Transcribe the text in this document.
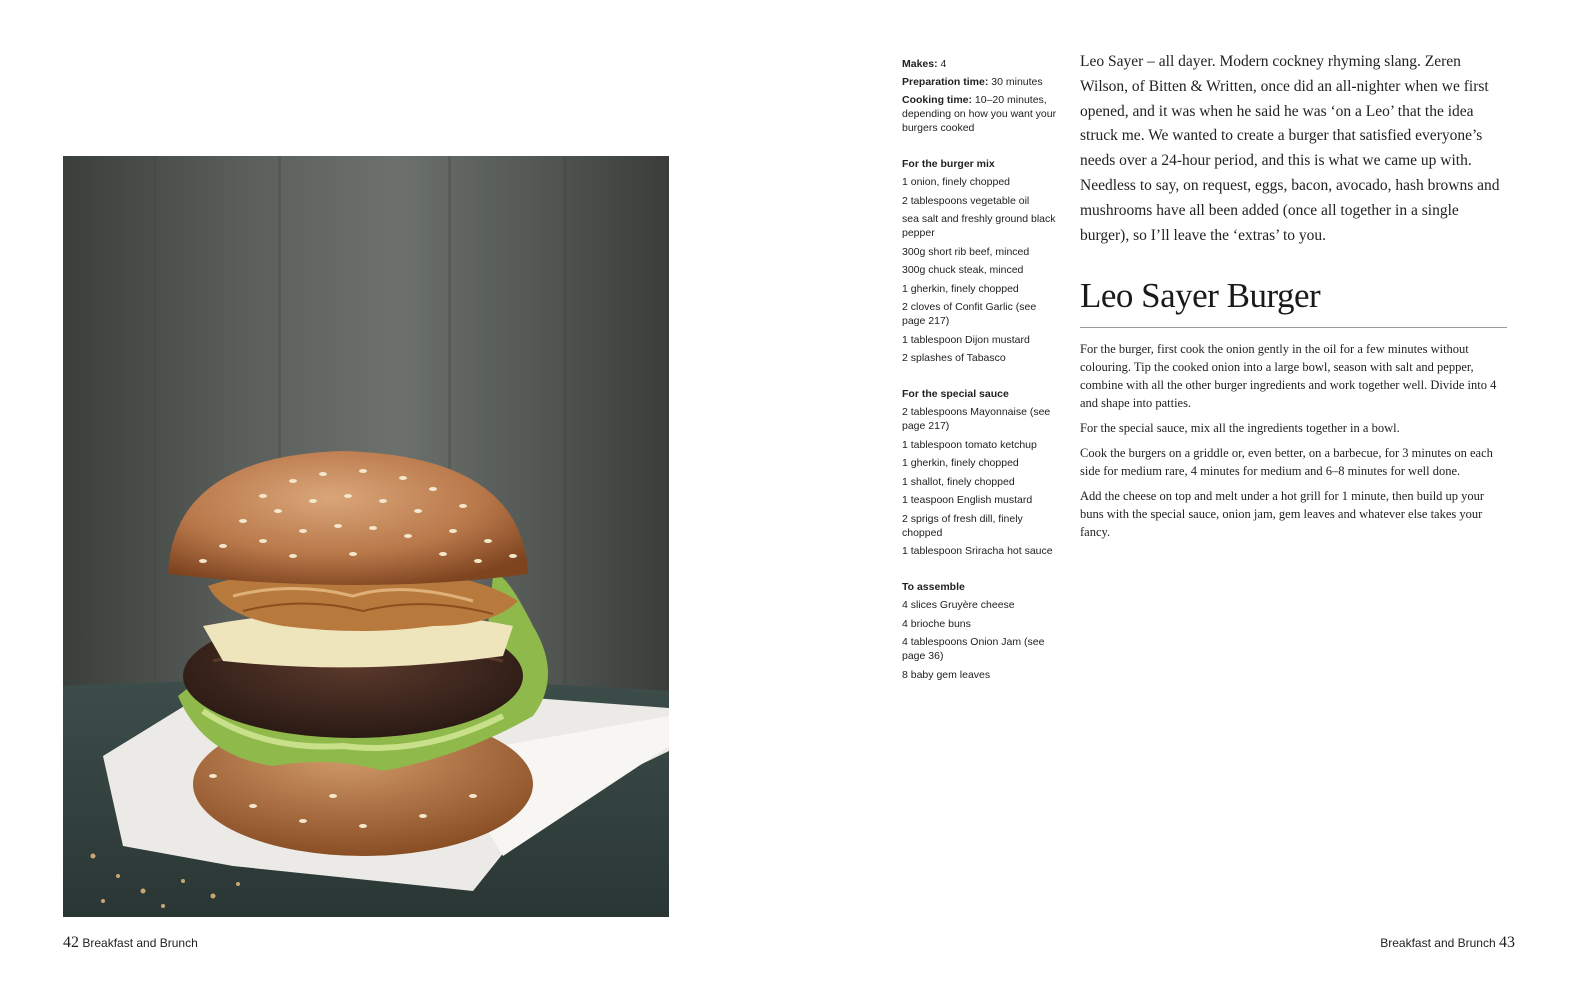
42 Breakfast and Brunch
Makes: 4
Preparation time: 30 minutes
Cooking time: 10–20 minutes, depending on how you want your burgers cooked
For the burger mix
1 onion, finely chopped
2 tablespoons vegetable oil
sea salt and freshly ground black pepper
300g short rib beef, minced
300g chuck steak, minced
1 gherkin, finely chopped
2 cloves of Confit Garlic (see page 217)
1 tablespoon Dijon mustard
2 splashes of Tabasco
For the special sauce
2 tablespoons Mayonnaise (see page 217)
1 tablespoon tomato ketchup
1 gherkin, finely chopped
1 shallot, finely chopped
1 teaspoon English mustard
2 sprigs of fresh dill, finely chopped
1 tablespoon Sriracha hot sauce
To assemble
4 slices Gruyère cheese
4 brioche buns
4 tablespoons Onion Jam (see page 36)
8 baby gem leaves

Leo Sayer – all dayer. Modern cockney rhyming slang. Zeren Wilson, of Bitten & Written, once did an all-nighter when we first opened, and it was when he said he was ‘on a Leo’ that the idea struck me. We wanted to create a burger that satisfied everyone’s needs over a 24-hour period, and this is what we came up with. Needless to say, on request, eggs, bacon, avocado, hash browns and mushrooms have all been added (once all together in a single burger), so I’ll leave the ‘extras’ to you.

Leo Sayer Burger

For the burger, first cook the onion gently in the oil for a few minutes without colouring. Tip the cooked onion into a large bowl, season with salt and pepper, combine with all the other burger ingredients and work together well. Divide into 4 and shape into patties.

For the special sauce, mix all the ingredients together in a bowl.

Cook the burgers on a griddle or, even better, on a barbecue, for 3 minutes on each side for medium rare, 4 minutes for medium and 6–8 minutes for well done.

Add the cheese on top and melt under a hot grill for 1 minute, then build up your buns with the special sauce, onion jam, gem leaves and whatever else takes your fancy.

Breakfast and Brunch 43
